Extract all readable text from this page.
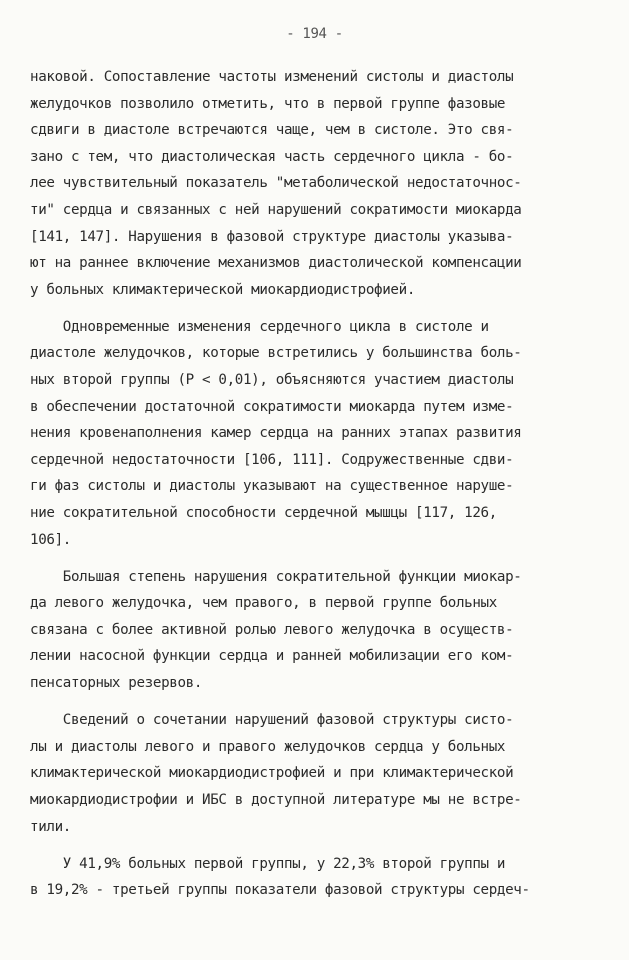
- 194 -
наковой. Сопоставление частоты изменений систолы и диастолы
желудочков позволило отметить, что в первой группе фазовые
сдвиги в диастоле встречаются чаще, чем в систоле. Это свя-
зано с тем, что диастолическая часть сердечного цикла - бо-
лее чувствительный показатель "метаболической недостаточнос-
ти" сердца и связанных с ней нарушений сократимости миокарда
[141, 147]. Нарушения в фазовой структуре диастолы указыва-
ют на раннее включение механизмов диастолической компенсации
у больных климактерической миокардиодистрофией.
Одновременные изменения сердечного цикла в систоле и
диастоле желудочков, которые встретились у большинства боль-
ных второй группы (P < 0,01), объясняются участием диастолы
в обеспечении достаточной сократимости миокарда путем изме-
нения кровенаполнения камер сердца на ранних этапах развития
сердечной недостаточности [106, 111]. Содружественные сдви-
ги фаз систолы и диастолы указывают на существенное наруше-
ние сократительной способности сердечной мышцы [117, 126,
106].
Большая степень нарушения сократительной функции миокар-
да левого желудочка, чем правого, в первой группе больных
связана с более активной ролью левого желудочка в осуществ-
лении насосной функции сердца и ранней мобилизации его ком-
пенсаторных резервов.
Сведений о сочетании нарушений фазовой структуры систо-
лы и диастолы левого и правого желудочков сердца у больных
климактерической миокардиодистрофией и при климактерической
миокардиодистрофии и ИБС в доступной литературе мы не встре-
тили.
У 41,9% больных первой группы, у 22,3% второй группы и
в 19,2% - третьей группы показатели фазовой структуры сердеч-
